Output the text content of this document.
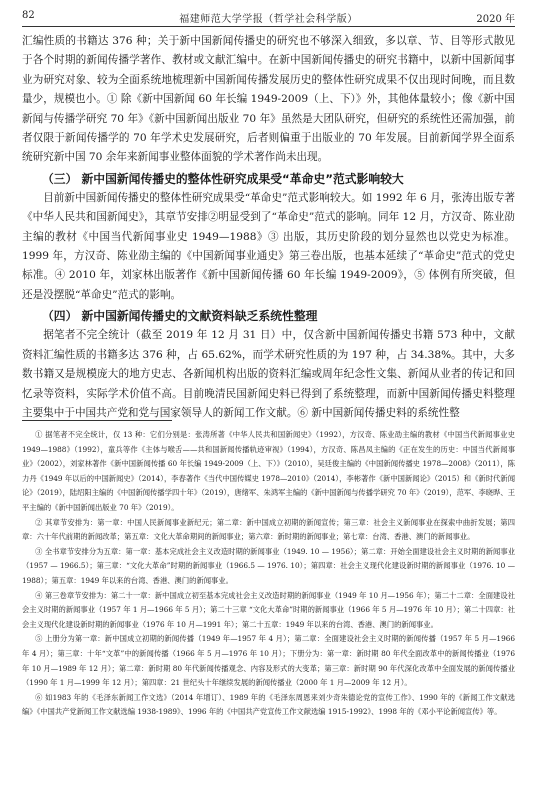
82	福建师范大学学报（哲学社会科学版）	2020 年

汇编性质的书籍达 376 种；关于新中国新闻传播史的研究也不够深入细致，多以章、节、目等形式散见于各个时期的新闻传播学著作、教材或文献汇编中。在新中国新闻传播史的研究书籍中，以新中国新闻事业为研究对象、较为全面系统地梳理新中国新闻传播发展历史的整体性研究成果不仅出现时间晚，而且数量少，规模也小。① 除《新中国新闻 60 年长编 1949-2009（上、下）》外，其他体量较小；像《新中国新闻与传播学研究 70 年》《新中国新闻出版业 70 年》虽然是大团队研究，但研究的系统性还需加强，前者仅限于新闻传播学的 70 年学术史发展研究，后者则偏重于出版业的 70 年发展。目前新闻学界全面系统研究新中国 70 余年来新闻事业整体面貌的学术著作尚未出现。

（三） 新中国新闻传播史的整体性研究成果受“革命史”范式影响较大

目前新中国新闻传播史的整体性研究成果受“革命史”范式影响较大。如 1992 年 6 月，张涛出版专著《中华人民共和国新闻史》，其章节安排②明显受到了“革命史”范式的影响。同年 12 月，方汉奇、陈业劭主编的教材《中国当代新闻事业史 1949—1988》③ 出版，其历史阶段的划分显然也以党史为标准。1999 年，方汉奇、陈业劭主编的《中国新闻事业通史》第三卷出版，也基本延续了“革命史”范式的党史标准。④ 2010 年，刘家林出版著作《新中国新闻传播 60 年长编 1949-2009》，⑤ 体例有所突破，但还是没摆脱“革命史”范式的影响。

（四） 新中国新闻传播史的文献资料缺乏系统性整理

据笔者不完全统计（截至 2019 年 12 月 31 日）中，仅含新中国新闻传播史书籍 573 种中，文献资料汇编性质的书籍多达 376 种，占 65.62%，而学术研究性质的为 197 种，占 34.38%。其中，大多数书籍又是规模庞大的地方史志、各新闻机构出版的资料汇编或周年纪念性文集、新闻从业者的传记和回忆录等资料，实际学术价值不高。目前晚清民国新闻史料已得到了系统整理，而新中国新闻传播史料整理主要集中于中国共产党和党与国家领导人的新闻工作文献。⑥ 新中国新闻传播史料的系统性整

① 据笔者不完全统计，仅 13 种：它们分别是：张涛所著《中华人民共和国新闻史》（1992），方汉奇、陈业劭主编的教材《中国当代新闻事业史1949—1988》（1992），童兵等作《主体与喉舌——共和国新闻传播轨迹审视》（1994），方汉奇、陈昌凤主编的《正在发生的历史：中国当代新闻事业》（2002），刘家林著作《新中国新闻传播 60 年长编 1949-2009（上、下）》（2010），吴廷俊主编的《中国新闻传播史 1978—2008》（2011），陈力丹《1949 年以后的中国新闻史》（2014），李春著作《当代中国传媒史 1978—2010》（2014），李彬著作《新中国新闻论》（2015）和《新时代新闻论》（2019），陆绍阳主编的《中国新闻传播学四十年》（2019），唐绪军、朱鸿军主编的《新中国新闻与传播学研究 70 年》（2019），范军、李晓晔、王平主编的《新中国新闻出版业 70 年》（2019）。

② 其章节安排为：第一章：中国人民新闻事业新纪元；第二章：新中国成立初期的新闻宣传；第三章：社会主义新闻事业在探索中曲折发展；第四章：六十年代前期的新闻改革；第五章：文化大革命期间的新闻事业；第六章：新时期的新闻事业；第七章：台湾、香港、澳门的新闻事业。

③ 全书章节安排分为五章：第一章：基本完成社会主义改造时期的新闻事业（1949. 10 — 1956）；第二章：开始全面建设社会主义时期的新闻事业（1957 — 1966.5）；第三章：“文化大革命”时期的新闻事业（1966.5 — 1976. 10）；第四章：社会主义现代化建设新时期的新闻事业（1976. 10 — 1988）；第五章：1949 年以来的台湾、香港、澳门的新闻事业。

④ 第三卷章节安排为：第二十一章：新中国成立初至基本完成社会主义改造时期的新闻事业（1949 年 10 月—1956 年）；第二十二章：全面建设社会主义时期的新闻事业（1957 年 1 月—1966 年 5 月）；第二十三章 “文化大革命”时期的新闻事业（1966 年 5 月—1976 年 10 月）；第二十四章：社会主义现代化建设新时期的新闻事业（1976 年 10 月—1991 年）；第二十五章：1949 年以来的台湾、香港、澳门的新闻事业。

⑤ 上册分为第一章：新中国成立初期的新闻传播（1949 年—1957 年 4 月）；第二章：全面建设社会主义时期的新闻传播（1957 年 5 月—1966 年 4 月）；第三章：十年“文革”中的新闻传播（1966 年 5 月—1976 年 10 月）；下册分为：第一章：新时期 80 年代全面改革中的新闻传播业（1976 年 10 月—1989 年 12 月）；第二章：新时期 80 年代新闻传播观念、内容及形式的大变革；第三章：新时期 90 年代深化改革中全面发展的新闻传播业（1990 年 1 月—1999 年 12 月）；第四章：21 世纪头十年继续发展的新闻传播业（2000 年 1 月—2009 年 12 月）。

⑥ 如1983 年的《毛泽东新闻工作文选》（2014 年增订）、1989 年的《毛泽东周恩来刘少奇朱德论党的宣传工作》、1990 年的《新闻工作文献选编》《中国共产党新闻工作文献选编 1938-1989》、1996 年的《中国共产党宣传工作文献选编 1915-1992》、1998 年的《邓小平论新闻宣传》等。
